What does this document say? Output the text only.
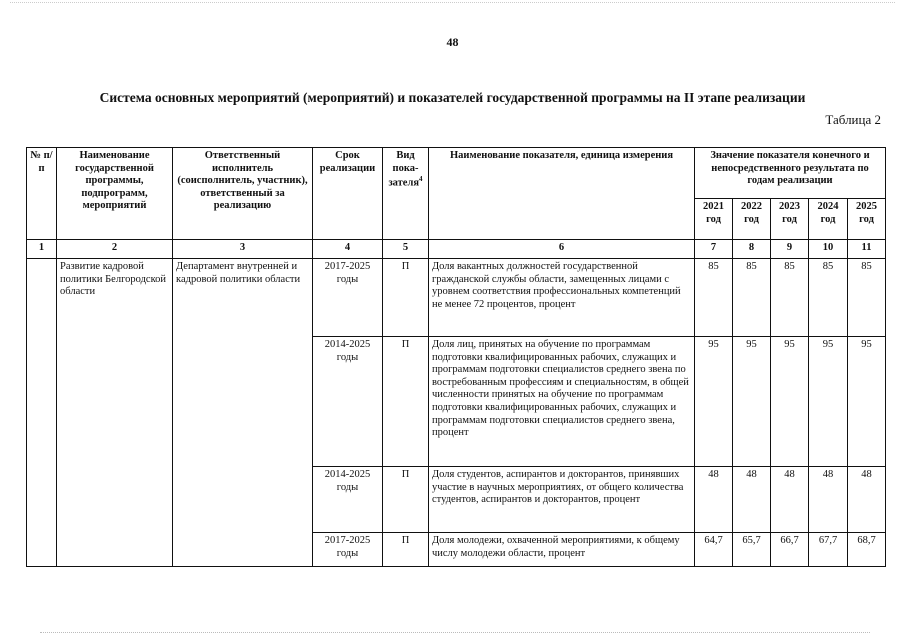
48
Система основных мероприятий (мероприятий) и показателей государственной программы на II этапе реализации
Таблица 2
№ п/п	Наименование государственной программы, подпрограмм, мероприятий	Ответственный исполнитель (соисполнитель, участник), ответственный за реализацию	Срок реализации	Вид пока-зателя$^4$	Наименование показателя, единица измерения	Значение показателя конечного и непосредственного результата по годам реализации				
						2021 год	2022 год	2023 год	2024 год	2025 год
1	2	3	4	5	6	7	8	9	10	11
	Развитие кадровой политики Белгородской области	Департамент внутренней и кадровой политики области	2017-2025 годы	П	Доля вакантных должностей государственной гражданской службы области, замещенных лицами с уровнем соответствия профессиональных компетенций не менее 72 процентов, процент	85	85	85	85	85
			2014-2025 годы	П	Доля лиц, принятых на обучение по программам подготовки квалифицированных рабочих, служащих и программам подготовки специалистов среднего звена по востребованным профессиям и специальностям, в общей численности принятых на обучение по программам подготовки квалифицированных рабочих, служащих и программам подготовки специалистов среднего звена, процент	95	95	95	95	95
			2014-2025 годы	П	Доля студентов, аспирантов и докторантов, принявших участие в научных мероприятиях, от общего количества студентов, аспирантов и докторантов, процент	48	48	48	48	48
			2017-2025 годы	П	Доля молодежи, охваченной мероприятиями, к общему числу молодежи области, процент	64,7	65,7	66,7	67,7	68,7
